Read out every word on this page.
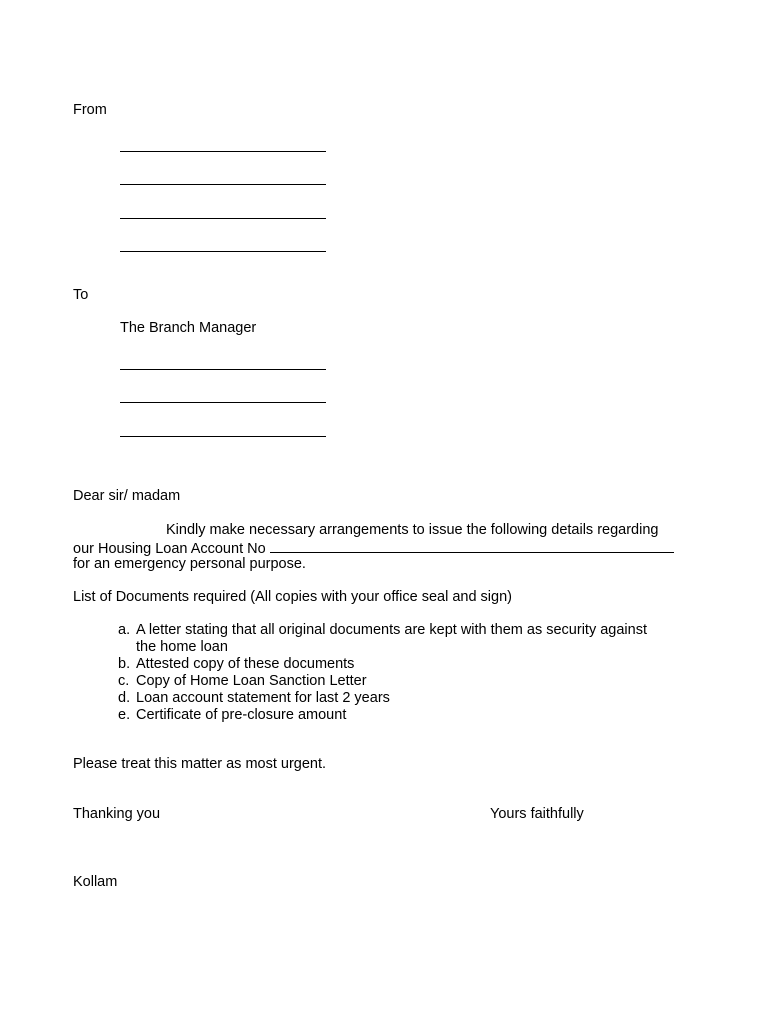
From
To
The Branch Manager
Dear sir/ madam
Kindly make necessary arrangements to issue the following details regarding
our Housing Loan Account No
for an emergency personal purpose.
List of Documents required (All copies with your office seal and sign)
a. A letter stating that all original documents are kept with them as security against
the home loan
b. Attested copy of these documents
c. Copy of Home Loan Sanction Letter
d. Loan account statement for last 2 years
e. Certificate of pre-closure amount
Please treat this matter as most urgent.
Thanking you	Yours faithfully
Kollam
